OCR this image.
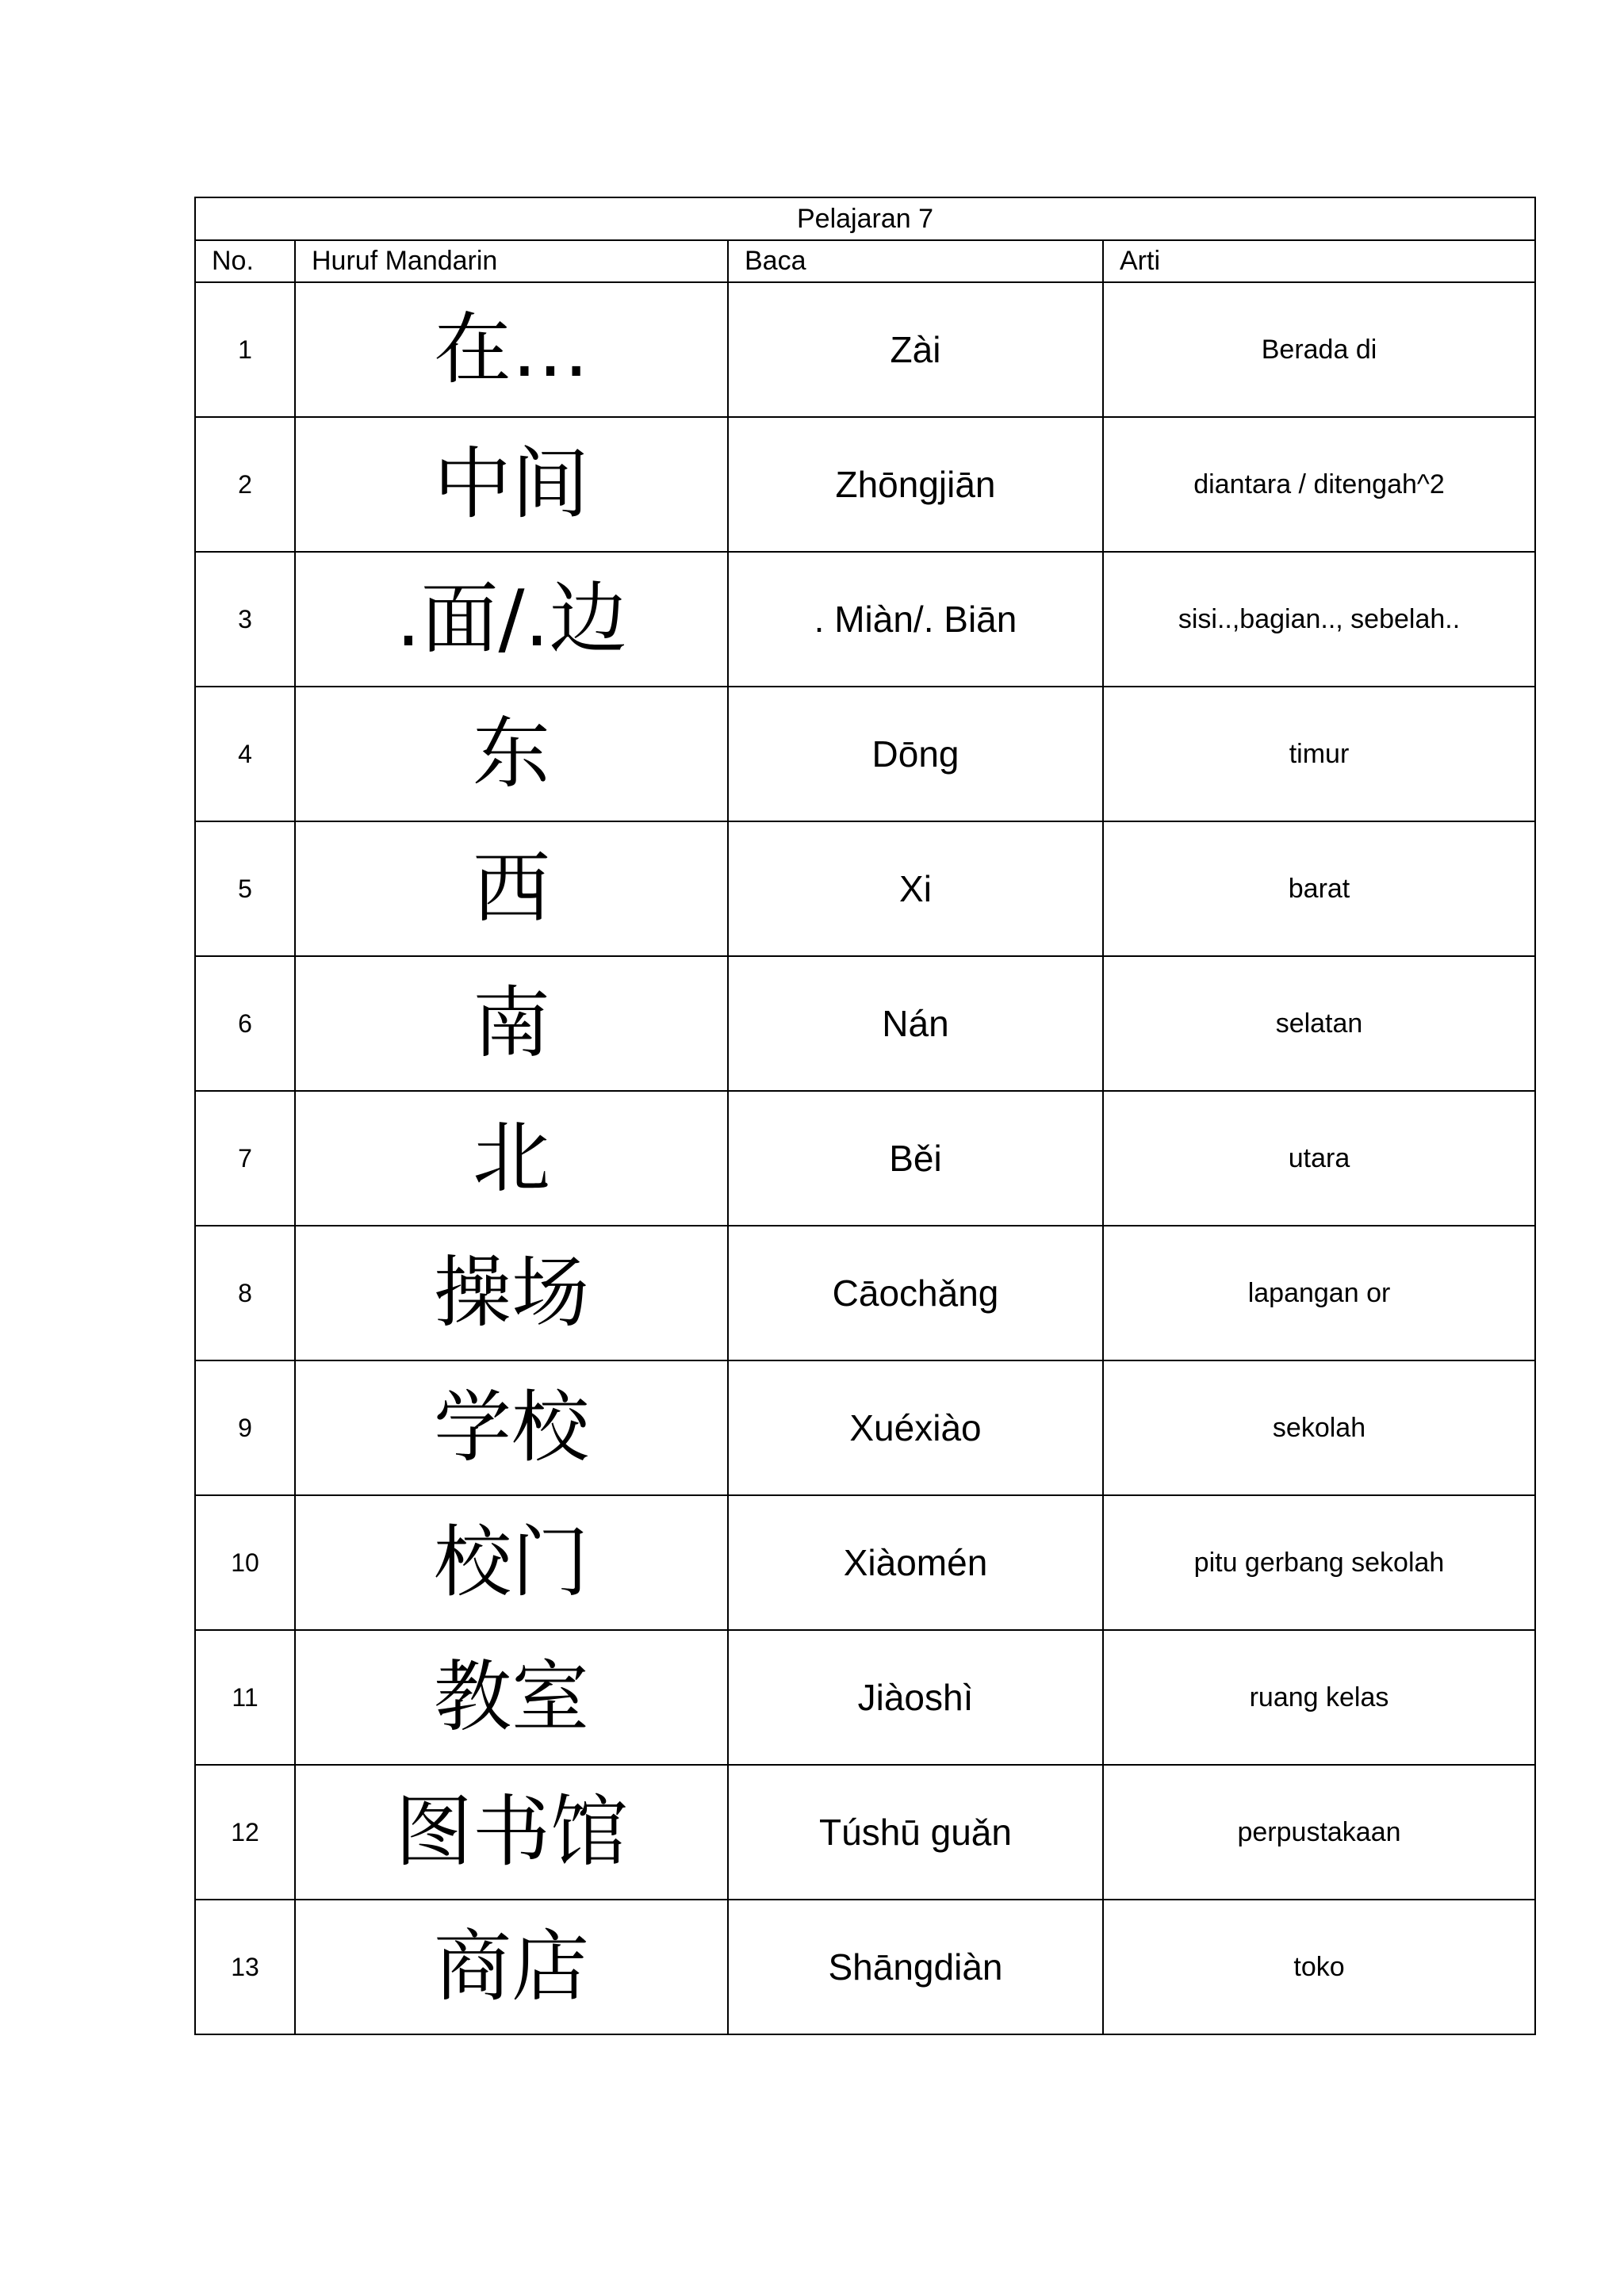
Pelajaran 7			
No.	Huruf Mandarin	Baca	Arti
1	在…	Zài	Berada di
2	中间	Zhōngjiān	diantara / ditengah^2
3	.面/.边	. Miàn/. Biān	sisi..,bagian.., sebelah..
4	东	Dōng	timur
5	西	Xi	barat
6	南	Nán	selatan
7	北	Běi	utara
8	操场	Cāochǎng	lapangan or
9	学校	Xuéxiào	sekolah
10	校门	Xiàomén	pitu gerbang sekolah
11	教室	Jiàoshì	ruang kelas
12	图书馆	Túshū guǎn	perpustakaan
13	商店	Shāngdiàn	toko
